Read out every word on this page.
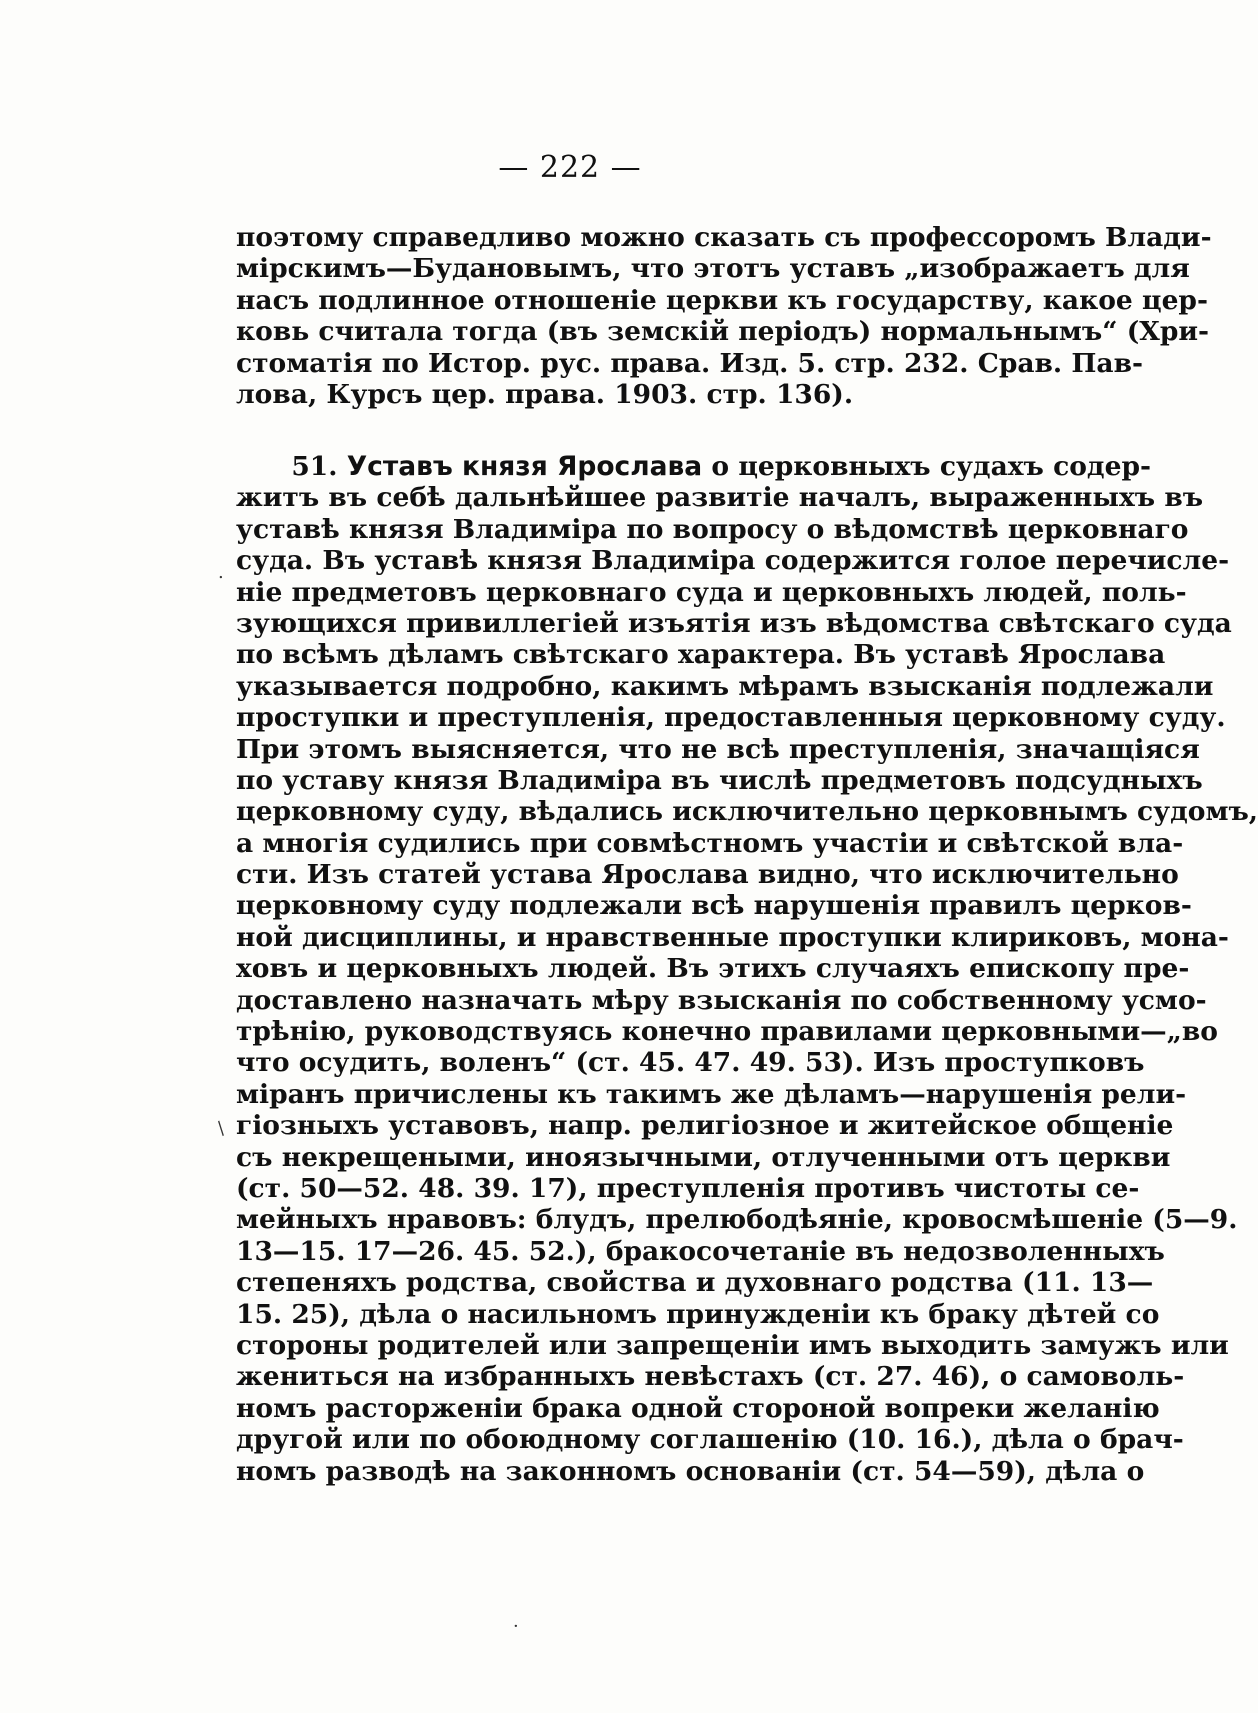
— 222 —
поэтому справедливо можно сказать съ профессоромъ Влади-
мірскимъ—Будановымъ, что этотъ уставъ „изображаетъ для
насъ подлинное отношеніе церкви къ государству, какое цер-
ковь считала тогда (въ земскій періодъ) нормальнымъ“ (Хри-
стоматія по Истор. рус. права. Изд. 5. стр. 232. Срав. Пав-
лова, Курсъ цер. права. 1903. стр. 136).
51. Уставъ князя Ярослава о церковныхъ судахъ содер-
житъ въ себѣ дальнѣйшее развитіе началъ, выраженныхъ въ
уставѣ князя Владиміра по вопросу о вѣдомствѣ церковнаго
суда. Въ уставѣ князя Владиміра содержится голое перечисле-
ніе предметовъ церковнаго суда и церковныхъ людей, поль-
зующихся привиллегіей изъятія изъ вѣдомства свѣтскаго суда
по всѣмъ дѣламъ свѣтскаго характера. Въ уставѣ Ярослава
указывается подробно, какимъ мѣрамъ взысканія подлежали
проступки и преступленія, предоставленныя церковному суду.
При этомъ выясняется, что не всѣ преступленія, значащіяся
по уставу князя Владиміра въ числѣ предметовъ подсудныхъ
церковному суду, вѣдались исключительно церковнымъ судомъ,
а многія судились при совмѣстномъ участіи и свѣтской вла-
сти. Изъ статей устава Ярослава видно, что исключительно
церковному суду подлежали всѣ нарушенія правилъ церков-
ной дисциплины, и нравственные проступки клириковъ, мона-
ховъ и церковныхъ людей. Въ этихъ случаяхъ епископу пре-
доставлено назначать мѣру взысканія по собственному усмо-
трѣнію, руководствуясь конечно правилами церковными—„во
что осудить, воленъ“ (ст. 45. 47. 49. 53). Изъ проступковъ
міранъ причислены къ такимъ же дѣламъ—нарушенія рели-
гіозныхъ уставовъ, напр. религіозное и житейское общеніе
съ некрещеными, иноязычными, отлученными отъ церкви
(ст. 50—52. 48. 39. 17), преступленія противъ чистоты се-
мейныхъ нравовъ: блудъ, прелюбодѣяніе, кровосмѣшеніе (5—9.
13—15. 17—26. 45. 52.), бракосочетаніе въ недозволенныхъ
степеняхъ родства, свойства и духовнаго родства (11. 13—
15. 25), дѣла о насильномъ принужденіи къ браку дѣтей со
стороны родителей или запрещеніи имъ выходить замужъ или
жениться на избранныхъ невѣстахъ (ст. 27. 46), о самоволь-
номъ расторженіи брака одной стороной вопреки желанію
другой или по обоюдному соглашенію (10. 16.), дѣла о брач-
номъ разводѣ на законномъ основаніи (ст. 54—59), дѣла о
.
/
·
